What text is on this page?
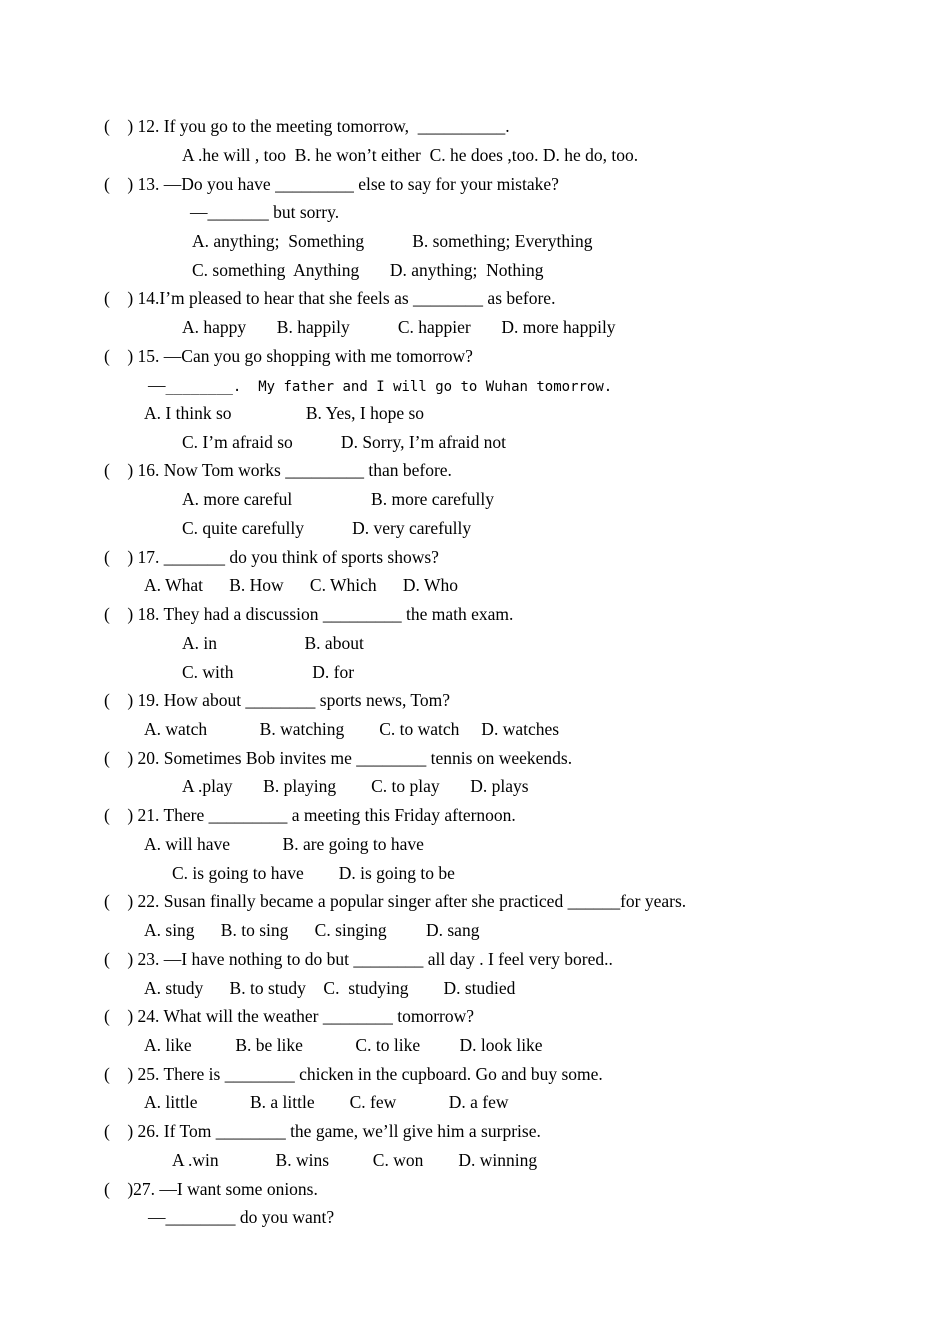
(    ) 12. If you go to the meeting tomorrow,  __________.
A .he will , too  B. he won’t either  C. he does ,too. D. he do, too.
(    ) 13. —Do you have _________ else to say for your mistake?
—_______ but sorry.
A. anything;  Something           B. something; Everything
C. something  Anything       D. anything;  Nothing
(    ) 14.I’m pleased to hear that she feels as ________ as before.
A. happy       B. happily           C. happier       D. more happily
(    ) 15. —Can you go shopping with me tomorrow?
—________.  My father and I will go to Wuhan tomorrow.
A. I think so                 B. Yes, I hope so
C. I’m afraid so           D. Sorry, I’m afraid not
(    ) 16. Now Tom works _________ than before.
A. more careful                  B. more carefully
C. quite carefully           D. very carefully
(    ) 17. _______ do you think of sports shows?
A. What      B. How      C. Which      D. Who
(    ) 18. They had a discussion _________ the math exam.
A. in                    B. about
C. with                  D. for
(    ) 19. How about ________ sports news, Tom?
A. watch            B. watching        C. to watch     D. watches
(    ) 20. Sometimes Bob invites me ________ tennis on weekends.
A .play       B. playing        C. to play       D. plays
(    ) 21. There _________ a meeting this Friday afternoon.
A. will have            B. are going to have
C. is going to have        D. is going to be
(    ) 22. Susan finally became a popular singer after she practiced ______for years.
A. sing      B. to sing      C. singing         D. sang
(    ) 23. —I have nothing to do but ________ all day . I feel very bored..
A. study      B. to study    C.  studying        D. studied
(    ) 24. What will the weather ________ tomorrow?
A. like          B. be like            C. to like         D. look like
(    ) 25. There is ________ chicken in the cupboard. Go and buy some.
A. little            B. a little        C. few            D. a few
(    ) 26. If Tom ________ the game, we’ll give him a surprise.
A .win             B. wins          C. won        D. winning
(    )27. —I want some onions.
—________ do you want?
